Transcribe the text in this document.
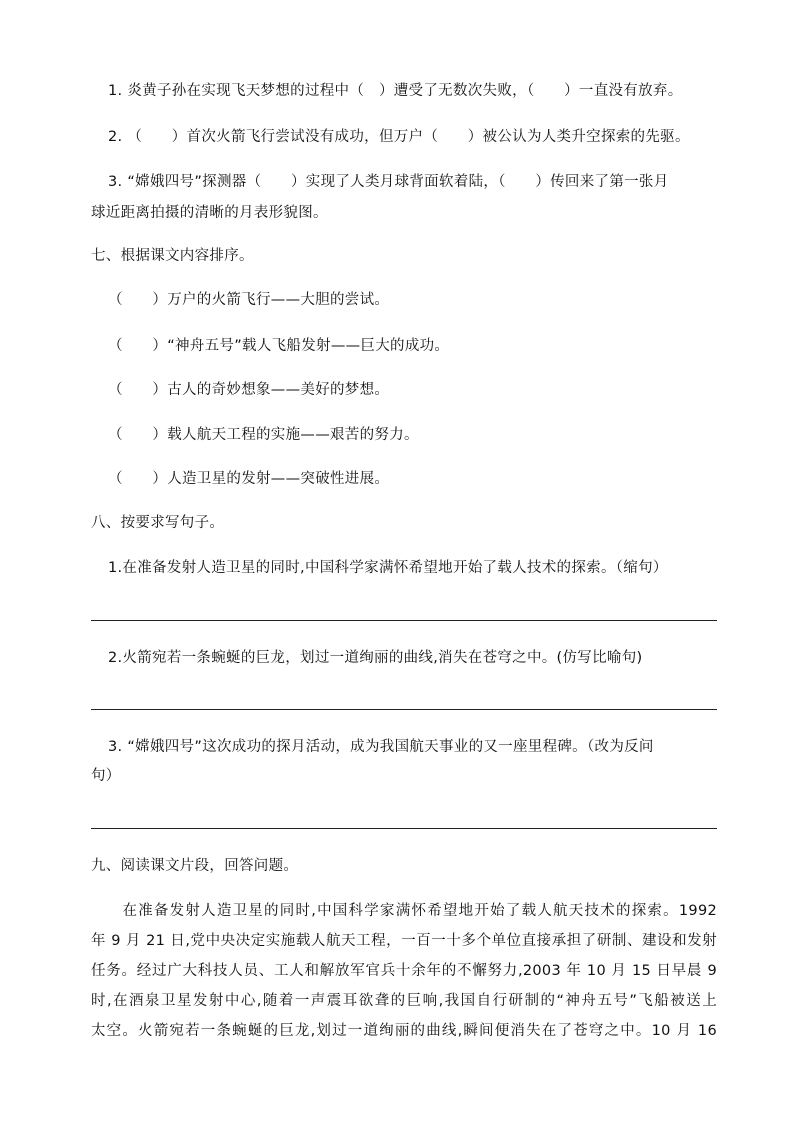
1. 炎黄子孙在实现飞天梦想的过程中（　）遭受了无数次失败，（　　）一直没有放弃。
2. （　　）首次火箭飞行尝试没有成功，但万户（　　）被公认为人类升空探索的先驱。
3. “嫦娥四号”探测器（　　）实现了人类月球背面软着陆，（　　）传回来了第一张月
球近距离拍摄的清晰的月表形貌图。
七、根据课文内容排序。
（　　）万户的火箭飞行——大胆的尝试。
（　　）“神舟五号”载人飞船发射——巨大的成功。
（　　）古人的奇妙想象——美好的梦想。
（　　）载人航天工程的实施——艰苦的努力。
（　　）人造卫星的发射——突破性进展。
八、按要求写句子。
1.在准备发射人造卫星的同时,中国科学家满怀希望地开始了载人技术的探索。（缩句）
2.火箭宛若一条蜿蜒的巨龙，划过一道绚丽的曲线,消失在苍穹之中。(仿写比喻句)
3. “嫦娥四号”这次成功的探月活动，成为我国航天事业的又一座里程碑。（改为反问
句）
九、阅读课文片段，回答问题。
　　在准备发射人造卫星的同时,中国科学家满怀希望地开始了载人航天技术的探索。1992
年 9 月 21 日,党中央决定实施载人航天工程，一百一十多个单位直接承担了研制、建设和发射
任务。经过广大科技人员、工人和解放军官兵十余年的不懈努力,2003 年 10 月 15 日早晨 9
时,在酒泉卫星发射中心,随着一声震耳欲聋的巨响,我国自行研制的“神舟五号”飞船被送上
太空。火箭宛若一条蜿蜒的巨龙,划过一道绚丽的曲线,瞬间便消失在了苍穹之中。10 月 16
